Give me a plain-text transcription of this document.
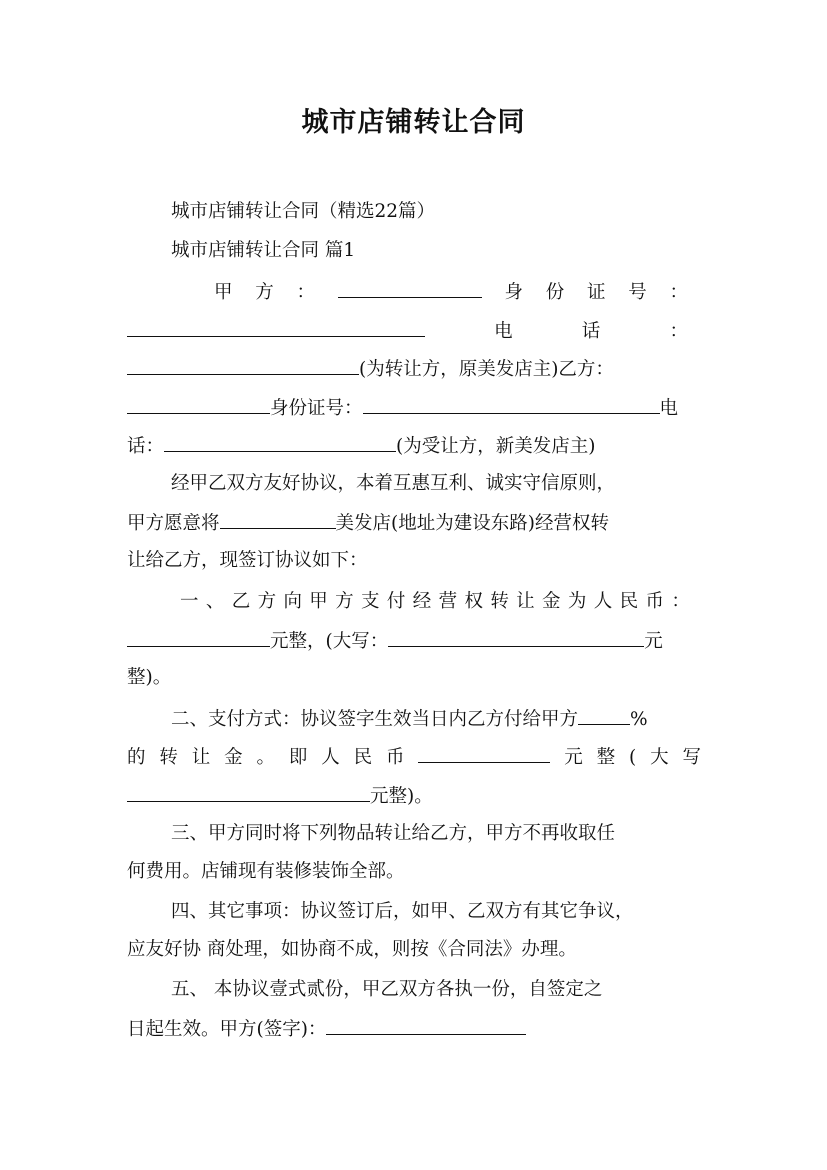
城市店铺转让合同
城市店铺转让合同（精选22篇）
城市店铺转让合同 篇1
甲 方 ：	身 份 证 号 ：
电	话	：
(为转让方，原美发店主)乙方：
身份证号：	电
话：	(为受让方，新美发店主)
经甲乙双方友好协议，本着互惠互利、诚实守信原则，
甲方愿意将	美发店(地址为建设东路)经营权转
让给乙方，现签订协议如下：
一 、 乙 方 向 甲 方 支 付 经 营 权 转 让 金 为 人 民 币 ：
元整，(大写：	元
整)。
二、支付方式：协议签字生效当日内乙方付给甲方	%
的 转 让 金 。 即 人 民 币	元 整 ( 大 写
元整)。
三、甲方同时将下列物品转让给乙方，甲方不再收取任
何费用。店铺现有装修装饰全部。
四、其它事项：协议签订后，如甲、乙双方有其它争议，
应友好协 商处理，如协商不成，则按《合同法》办理。
五、 本协议壹式贰份，甲乙双方各执一份，自签定之
日起生效。甲方(签字)：
